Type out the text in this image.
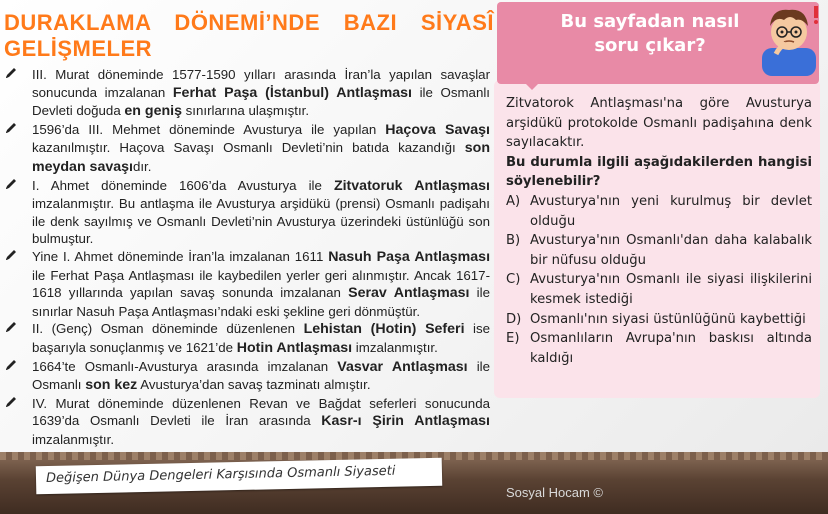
DURAKLAMA DÖNEMİ’NDE BAZI SİYASÎ GELİŞMELER

III. Murat döneminde 1577-1590 yılları arasında İran’la yapılan savaşlar sonucunda imzalanan Ferhat Paşa (İstanbul) Antlaşması ile Osmanlı Devleti doğuda en geniş sınırlarına ulaşmıştır.

1596’da III. Mehmet döneminde Avusturya ile yapılan Haçova Savaşı kazanılmıştır. Haçova Savaşı Osmanlı Devleti’nin batıda kazandığı son meydan savaşıdır.

I. Ahmet döneminde 1606’da Avusturya ile Zitvatoruk Antlaşması imzalanmıştır. Bu antlaşma ile Avusturya arşidükü (prensi) Osmanlı padişahı ile denk sayılmış ve Osmanlı Devleti’nin Avusturya üzerindeki üstünlüğü son bulmuştur.

Yine I. Ahmet döneminde İran’la imzalanan 1611 Nasuh Paşa Antlaşması ile Ferhat Paşa Antlaşması ile kaybedilen yerler geri alınmıştır. Ancak 1617-1618 yıllarında yapılan savaş sonunda imzalanan Serav Antlaşması ile sınırlar Nasuh Paşa Antlaşması’ndaki eski şekline geri dönmüştür.

II. (Genç) Osman döneminde düzenlenen Lehistan (Hotin) Seferi ise başarıyla sonuçlanmış ve 1621’de Hotin Antlaşması imzalanmıştır.

1664’te Osmanlı-Avusturya arasında imzalanan Vasvar Antlaşması ile Osmanlı son kez Avusturya’dan savaş tazminatı almıştır.

IV. Murat döneminde düzenlenen Revan ve Bağdat seferleri sonucunda 1639’da Osmanlı Devleti ile İran arasında Kasr-ı Şirin Antlaşması imzalanmıştır.

Bu sayfadan nasıl soru çıkar?

Zitvatorok Antlaşması'na göre Avusturya arşidükü protokolde Osmanlı padişahına denk sayılacaktır.

Bu durumla ilgili aşağıdakilerden hangisi söylenebilir?

A) Avusturya'nın yeni kurulmuş bir devlet olduğu

B) Avusturya'nın Osmanlı'dan daha kalabalık bir nüfusu olduğu

C) Avusturya'nın Osmanlı ile siyasi ilişkilerini kesmek istediği

D) Osmanlı'nın siyasi üstünlüğünü kaybettiği

E) Osmanlıların Avrupa'nın baskısı altında kaldığı

Değişen Dünya Dengeleri Karşısında Osmanlı Siyaseti
Sosyal Hocam ©
